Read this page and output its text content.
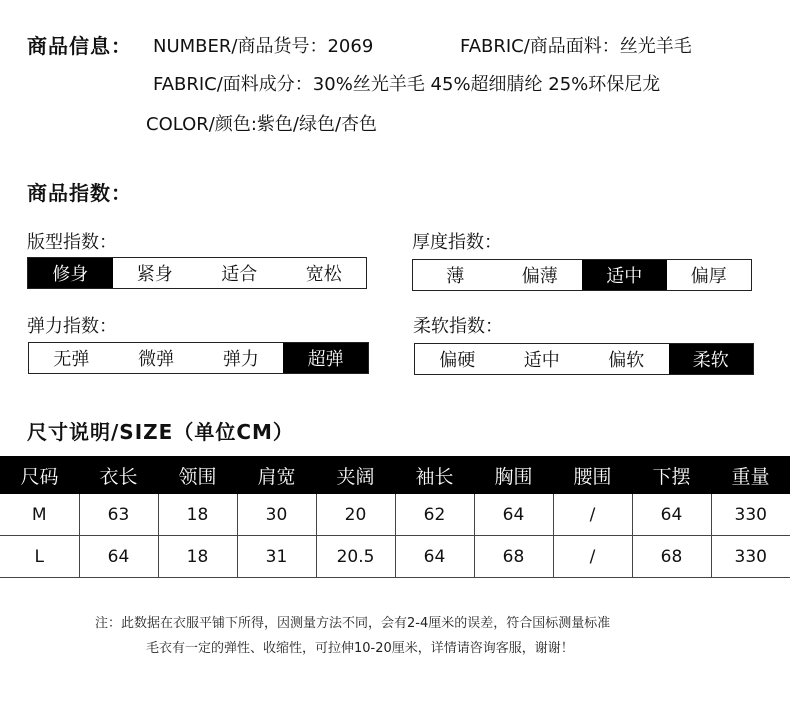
商品信息： NUMBER/商品货号：2069	FABRIC/商品面料：丝光羊毛
FABRIC/面料成分：30%丝光羊毛 45%超细腈纶 25%环保尼龙
COLOR/颜色:紫色/绿色/杏色
商品指数：
版型指数：
修身	紧身	适合	宽松
厚度指数：
薄	偏薄	适中	偏厚
弹力指数：
无弹	微弹	弹力	超弹
柔软指数：
偏硬	适中	偏软	柔软
尺寸说明/SIZE（单位CM）
尺码	衣长	领围	肩宽	夹阔	袖长	胸围	腰围	下摆	重量
M	63	18	30	20	62	64	/	64	330
L	64	18	31	20.5	64	68	/	68	330
注：此数据在衣服平铺下所得，因测量方法不同，会有2-4厘米的误差，符合国标测量标准
毛衣有一定的弹性、收缩性，可拉伸10-20厘米，详情请咨询客服，谢谢！
